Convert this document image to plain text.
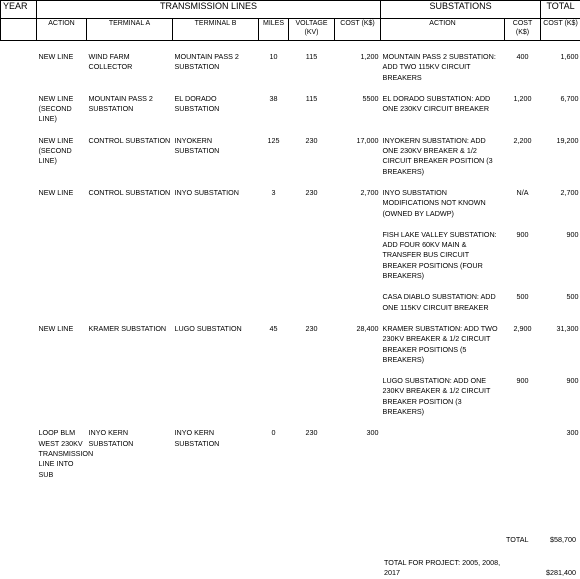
YEAR	TRANSMISSION LINES						SUBSTATIONS		TOTAL
	ACTION	TERMINAL A	TERMINAL B	MILES	VOLTAGE (KV)	COST (K$)	ACTION	COST (K$)	COST (K$)
	NEW LINE	WIND FARM COLLECTOR	MOUNTAIN PASS 2 SUBSTATION	10	115	1,200	MOUNTAIN PASS 2 SUBSTATION: ADD TWO 115KV CIRCUIT BREAKERS	400	1,600
	NEW LINE (SECOND LINE)	MOUNTAIN PASS 2 SUBSTATION	EL DORADO SUBSTATION	38	115	5500	EL DORADO SUBSTATION: ADD ONE 230KV CIRCUIT BREAKER	1,200	6,700
	NEW LINE (SECOND LINE)	CONTROL SUBSTATION	INYOKERN SUBSTATION	125	230	17,000	INYOKERN SUBSTATION: ADD ONE 230KV BREAKER & 1/2 CIRCUIT BREAKER POSITION (3 BREAKERS)	2,200	19,200
	NEW LINE	CONTROL SUBSTATION	INYO SUBSTATION	3	230	2,700	INYO SUBSTATION MODIFICATIONS NOT KNOWN (OWNED BY LADWP)	N/A	2,700
							FISH LAKE VALLEY SUBSTATION: ADD FOUR 60KV MAIN & TRANSFER BUS CIRCUIT BREAKER POSITIONS (FOUR BREAKERS)	900	900
							CASA DIABLO SUBSTATION: ADD ONE 115KV CIRCUIT BREAKER	500	500
	NEW LINE	KRAMER SUBSTATION	LUGO SUBSTATION	45	230	28,400	KRAMER SUBSTATION: ADD TWO 230KV BREAKER & 1/2 CIRCUIT BREAKER POSITIONS (5 BREAKERS)	2,900	31,300
							LUGO SUBSTATION: ADD ONE 230KV BREAKER & 1/2 CIRCUIT BREAKER POSITION (3 BREAKERS)	900	900
	LOOP BLM WEST 230KV TRANSMISSION LINE INTO SUB	INYO KERN SUBSTATION	INYO KERN SUBSTATION	0	230	300			300
TOTAL	$58,700
TOTAL FOR PROJECT: 2005, 2008, 2017	$281,400
